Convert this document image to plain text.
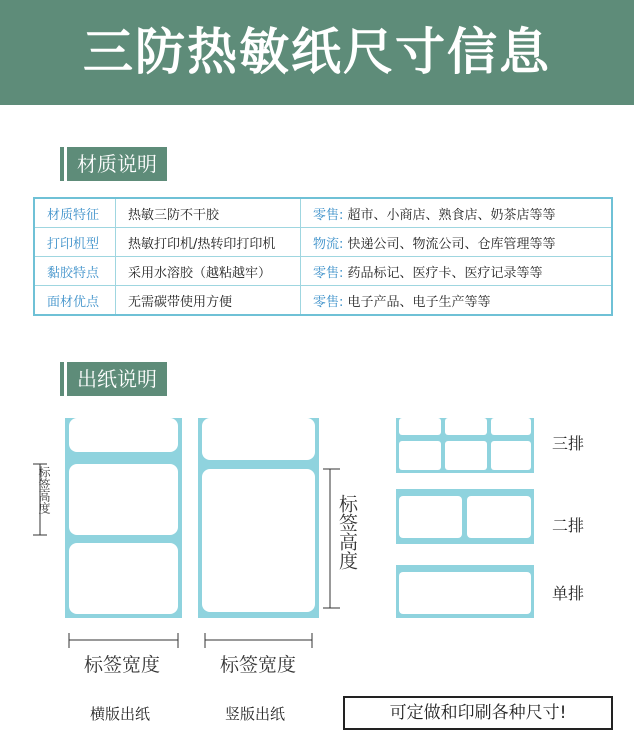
三防热敏纸尺寸信息
材质说明
材质特征	热敏三防不干胶	零售: 超市、小商店、熟食店、奶茶店等等
打印机型	热敏打印机/热转印打印机	物流: 快递公司、物流公司、仓库管理等等
黏胶特点	采用水溶胶（越粘越牢）	零售: 药品标记、医疗卡、医疗记录等等
面材优点	无需碳带使用方便	零售: 电子产品、电子生产等等
出纸说明
标签高度
标签宽度
横版出纸
标签高度
标签宽度
竖版出纸
三排
二排
单排
可定做和印刷各种尺寸!
